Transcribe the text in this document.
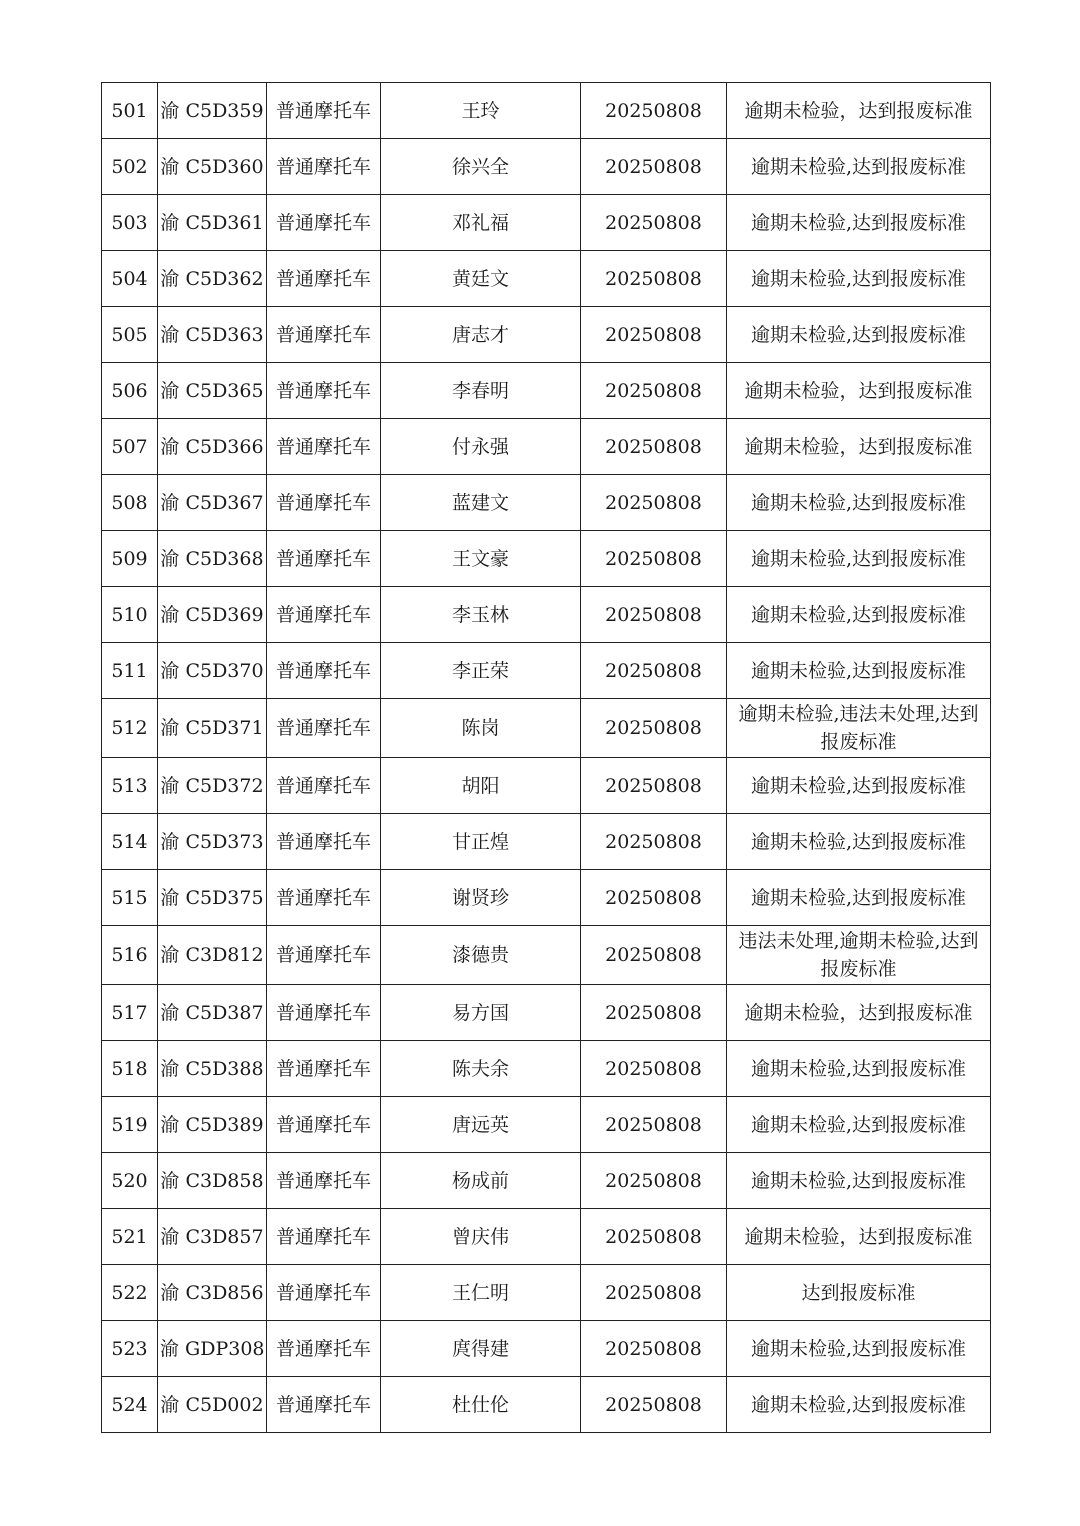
501	渝 C5D359	普通摩托车	王玲	20250808	逾期未检验，达到报废标准
502	渝 C5D360	普通摩托车	徐兴全	20250808	逾期未检验,达到报废标准
503	渝 C5D361	普通摩托车	邓礼福	20250808	逾期未检验,达到报废标准
504	渝 C5D362	普通摩托车	黄廷文	20250808	逾期未检验,达到报废标准
505	渝 C5D363	普通摩托车	唐志才	20250808	逾期未检验,达到报废标准
506	渝 C5D365	普通摩托车	李春明	20250808	逾期未检验，达到报废标准
507	渝 C5D366	普通摩托车	付永强	20250808	逾期未检验，达到报废标准
508	渝 C5D367	普通摩托车	蓝建文	20250808	逾期未检验,达到报废标准
509	渝 C5D368	普通摩托车	王文豪	20250808	逾期未检验,达到报废标准
510	渝 C5D369	普通摩托车	李玉林	20250808	逾期未检验,达到报废标准
511	渝 C5D370	普通摩托车	李正荣	20250808	逾期未检验,达到报废标准
512	渝 C5D371	普通摩托车	陈岗	20250808	逾期未检验,违法未处理,达到报废标准
513	渝 C5D372	普通摩托车	胡阳	20250808	逾期未检验,达到报废标准
514	渝 C5D373	普通摩托车	甘正煌	20250808	逾期未检验,达到报废标准
515	渝 C5D375	普通摩托车	谢贤珍	20250808	逾期未检验,达到报废标准
516	渝 C3D812	普通摩托车	漆德贵	20250808	违法未处理,逾期未检验,达到报废标准
517	渝 C5D387	普通摩托车	易方国	20250808	逾期未检验，达到报废标准
518	渝 C5D388	普通摩托车	陈夫余	20250808	逾期未检验,达到报废标准
519	渝 C5D389	普通摩托车	唐远英	20250808	逾期未检验,达到报废标准
520	渝 C3D858	普通摩托车	杨成前	20250808	逾期未检验,达到报废标准
521	渝 C3D857	普通摩托车	曾庆伟	20250808	逾期未检验，达到报废标准
522	渝 C3D856	普通摩托车	王仁明	20250808	达到报废标准
523	渝 GDP308	普通摩托车	庹得建	20250808	逾期未检验,达到报废标准
524	渝 C5D002	普通摩托车	杜仕伦	20250808	逾期未检验,达到报废标准
